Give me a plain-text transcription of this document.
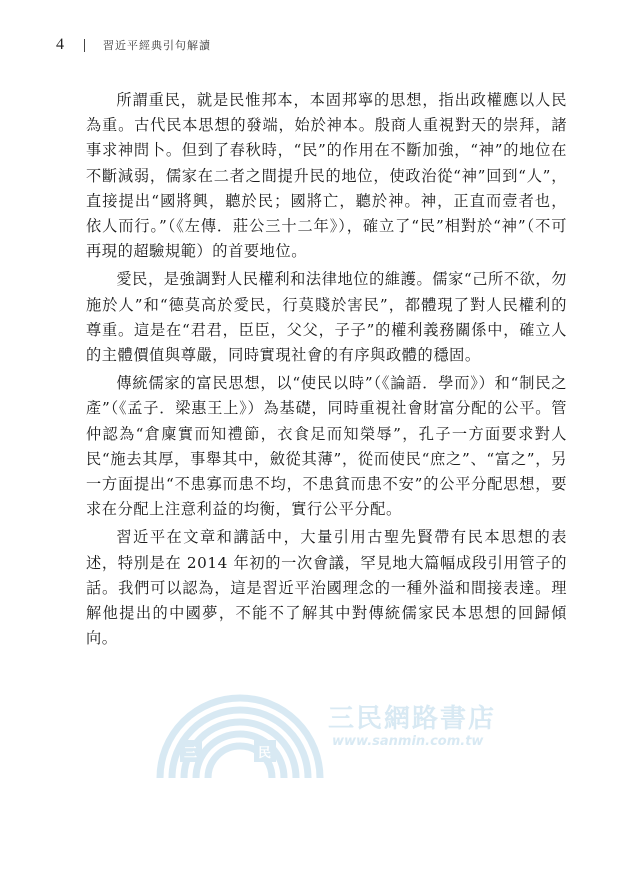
4	習近平經典引句解讀

所謂重民，就是民惟邦本，本固邦寧的思想，指出政權應以人民為重。古代民本思想的發端，始於神本。殷商人重視對天的崇拜，諸事求神問卜。但到了春秋時，“民”的作用在不斷加強，“神”的地位在不斷減弱，儒家在二者之間提升民的地位，使政治從“神”回到“人”，直接提出“國將興，聽於民；國將亡，聽於神。神，正直而壹者也，依人而行。”（《左傳．莊公三十二年》），確立了“民”相對於“神”（不可再現的超驗規範）的首要地位。

愛民，是強調對人民權利和法律地位的維護。儒家“己所不欲，勿施於人”和“德莫高於愛民，行莫賤於害民”，都體現了對人民權利的尊重。這是在“君君，臣臣，父父，子子”的權利義務關係中，確立人的主體價值與尊嚴，同時實現社會的有序與政體的穩固。

傳統儒家的富民思想，以“使民以時”（《論語．學而》）和“制民之產”（《孟子．梁惠王上》）為基礎，同時重視社會財富分配的公平。管仲認為“倉廩實而知禮節，衣食足而知榮辱”，孔子一方面要求對人民“施去其厚，事舉其中，斂從其薄”，從而使民“庶之”、“富之”，另一方面提出“不患寡而患不均，不患貧而患不安”的公平分配思想，要求在分配上注意利益的均衡，實行公平分配。

習近平在文章和講話中，大量引用古聖先賢帶有民本思想的表述，特別是在 2014 年初的一次會議，罕見地大篇幅成段引用管子的話。我們可以認為，這是習近平治國理念的一種外溢和間接表達。理解他提出的中國夢，不能不了解其中對傳統儒家民本思想的回歸傾向。

三	民
三民網路書店
www.sanmin.com.tw
